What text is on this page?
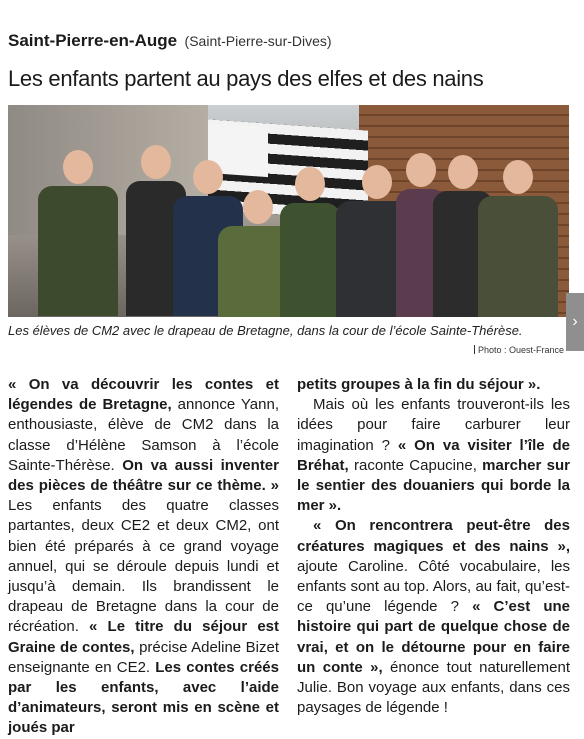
Saint-Pierre-en-Auge (Saint-Pierre-sur-Dives)
Les enfants partent au pays des elfes et des nains
›
Les élèves de CM2 avec le drapeau de Bretagne, dans la cour de l’école Sainte-Thérèse.
Photo : Ouest-France

« On va découvrir les contes et légendes de Bretagne, annonce Yann, enthousiaste, élève de CM2 dans la classe d’Hélène Samson à l’école Sainte-Thérèse. On va aussi inventer des pièces de théâtre sur ce thème. » Les enfants des quatre classes partantes, deux CE2 et deux CM2, ont bien été préparés à ce grand voyage annuel, qui se déroule depuis lundi et jusqu’à demain. Ils brandissent le drapeau de Bretagne dans la cour de récréation. « Le titre du séjour est Graine de contes, précise Adeline Bizet enseignante en CE2. Les contes créés par les enfants, avec l’aide d’animateurs, seront mis en scène et joués par

petits groupes à la fin du séjour ».

Mais où les enfants trouveront-ils les idées pour faire carburer leur imagination ? « On va visiter l’île de Bréhat, raconte Capucine, marcher sur le sentier des douaniers qui borde la mer ».

« On rencontrera peut-être des créatures magiques et des nains », ajoute Caroline. Côté vocabulaire, les enfants sont au top. Alors, au fait, qu’est-ce qu’une légende ? « C’est une histoire qui part de quelque chose de vrai, et on le détourne pour en faire un conte », énonce tout naturellement Julie. Bon voyage aux enfants, dans ces paysages de légende !
